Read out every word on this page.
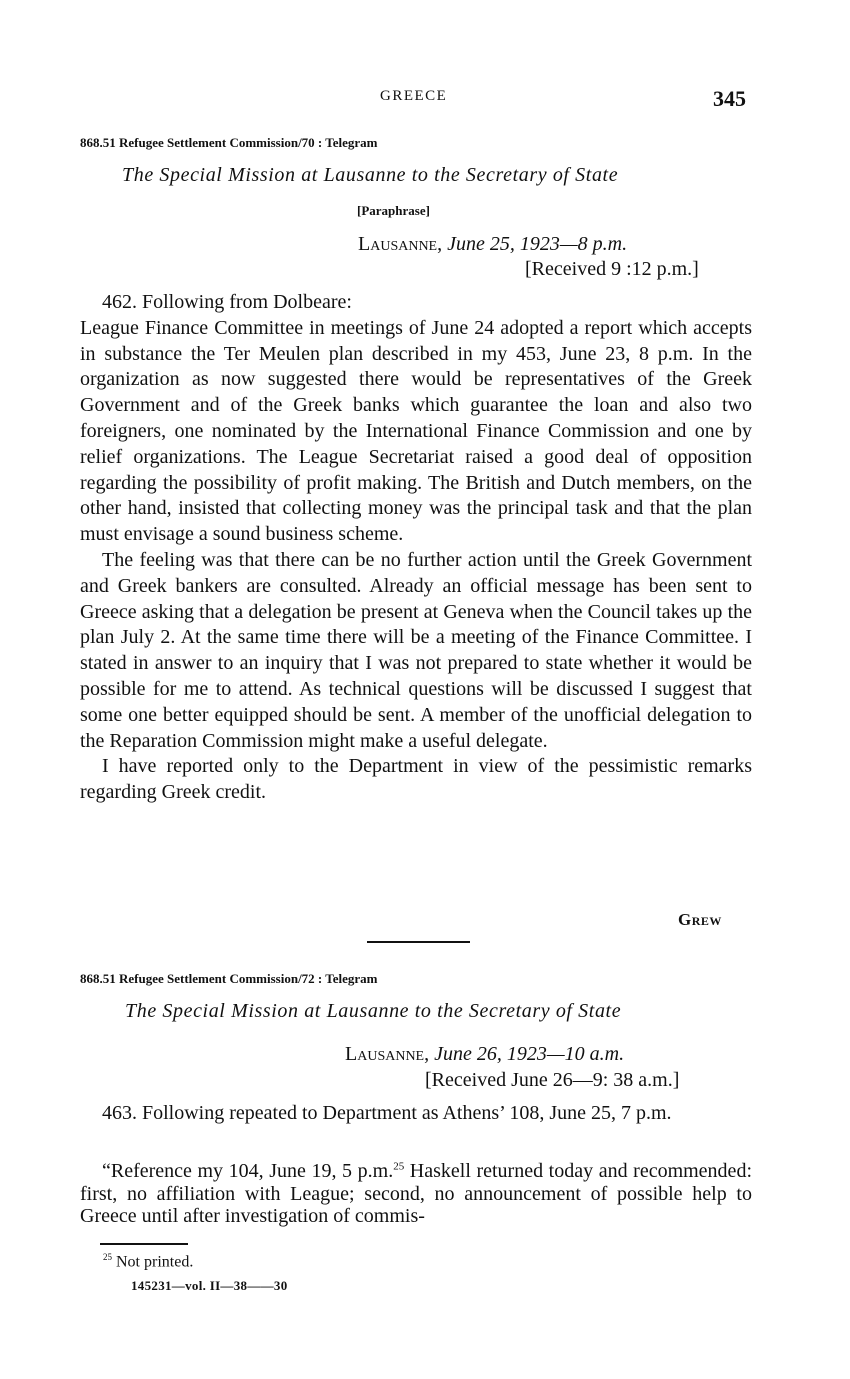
GREECE	345
868.51 Refugee Settlement Commission/70 : Telegram
The Special Mission at Lausanne to the Secretary of State
[Paraphrase]
Lausanne, June 25, 1923—8 p.m.
[Received 9 :12 p.m.]

462. Following from Dolbeare:

League Finance Committee in meetings of June 24 adopted a report which accepts in substance the Ter Meulen plan described in my 453, June 23, 8 p.m. In the organization as now suggested there would be representatives of the Greek Government and of the Greek banks which guarantee the loan and also two foreigners, one nominated by the International Finance Commission and one by relief organizations. The League Secretariat raised a good deal of opposition regarding the possibility of profit making. The British and Dutch members, on the other hand, insisted that collecting money was the principal task and that the plan must envisage a sound business scheme.

The feeling was that there can be no further action until the Greek Government and Greek bankers are consulted. Already an official message has been sent to Greece asking that a delegation be present at Geneva when the Council takes up the plan July 2. At the same time there will be a meeting of the Finance Committee. I stated in answer to an inquiry that I was not prepared to state whether it would be possible for me to attend. As technical questions will be discussed I suggest that some one better equipped should be sent. A member of the unofficial delegation to the Reparation Commission might make a useful delegate.

I have reported only to the Department in view of the pessimistic remarks regarding Greek credit.

Grew
868.51 Refugee Settlement Commission/72 : Telegram
The Special Mission at Lausanne to the Secretary of State
Lausanne, June 26, 1923—10 a.m.
[Received June 26—9: 38 a.m.]

463. Following repeated to Department as Athens’ 108, June 25, 7 p.m.

“Reference my 104, June 19, 5 p.m.$^{25}$ Haskell returned today and recommended: first, no affiliation with League; second, no announcement of possible help to Greece until after investigation of commis-

$^{25}$ Not printed.
145231—vol. II—38——30
